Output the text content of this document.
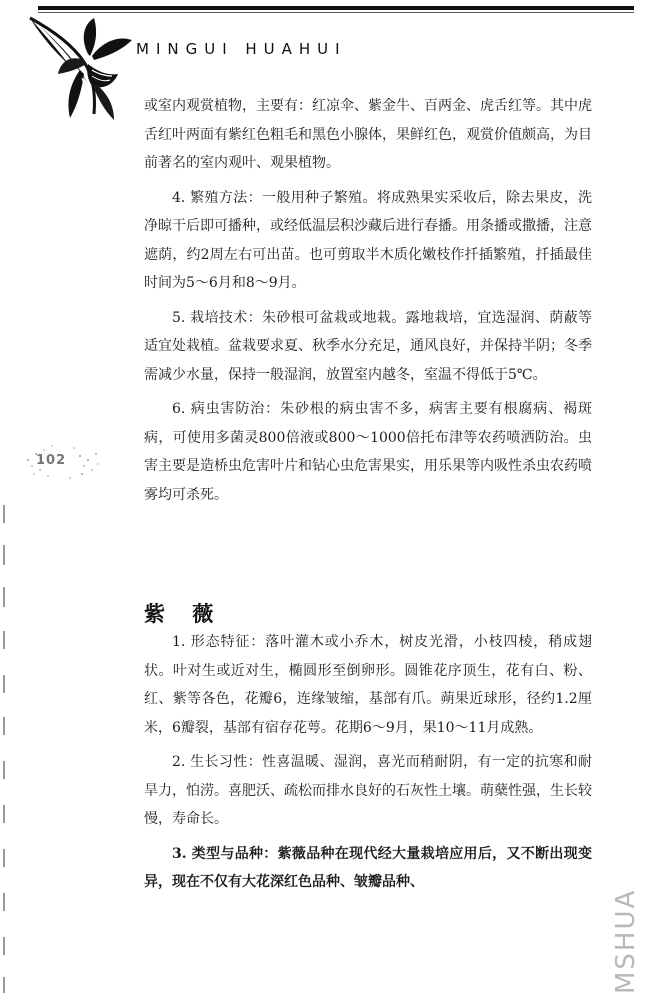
MINGUI HUAHUI

或室内观赏植物，主要有：红凉伞、紫金牛、百两金、虎舌红等。其中虎舌红叶两面有紫红色粗毛和黑色小腺体，果鲜红色，观赏价值颇高，为目前著名的室内观叶、观果植物。

4. 繁殖方法：一般用种子繁殖。将成熟果实采收后，除去果皮，洗净晾干后即可播种，或经低温层积沙藏后进行春播。用条播或撒播，注意遮荫，约2周左右可出苗。也可剪取半木质化嫩枝作扦插繁殖，扦插最佳时间为5～6月和8～9月。

5. 栽培技术：朱砂根可盆栽或地栽。露地栽培，宜选湿润、荫蔽等适宜处栽植。盆栽要求夏、秋季水分充足，通风良好，并保持半阴；冬季需减少水量，保持一般湿润，放置室内越冬，室温不得低于5℃。

6. 病虫害防治：朱砂根的病虫害不多，病害主要有根腐病、褐斑病，可使用多菌灵800倍液或800～1000倍托布津等农药喷洒防治。虫害主要是造桥虫危害叶片和钻心虫危害果实，用乐果等内吸性杀虫农药喷雾均可杀死。

102
紫 薇

1. 形态特征：落叶灌木或小乔木，树皮光滑，小枝四棱，稍成翅状。叶对生或近对生，椭圆形至倒卵形。圆锥花序顶生，花有白、粉、红、紫等各色，花瓣6，连缘皱缩，基部有爪。蒴果近球形，径约1.2厘米，6瓣裂，基部有宿存花萼。花期6～9月，果10～11月成熟。

2. 生长习性：性喜温暖、湿润，喜光而稍耐阴，有一定的抗寒和耐旱力，怕涝。喜肥沃、疏松而排水良好的石灰性土壤。萌蘖性强，生长较慢，寿命长。

3. 类型与品种：紫薇品种在现代经大量栽培应用后，又不断出现变异，现在不仅有大花深红色品种、皱瓣品种、

MSHUA
